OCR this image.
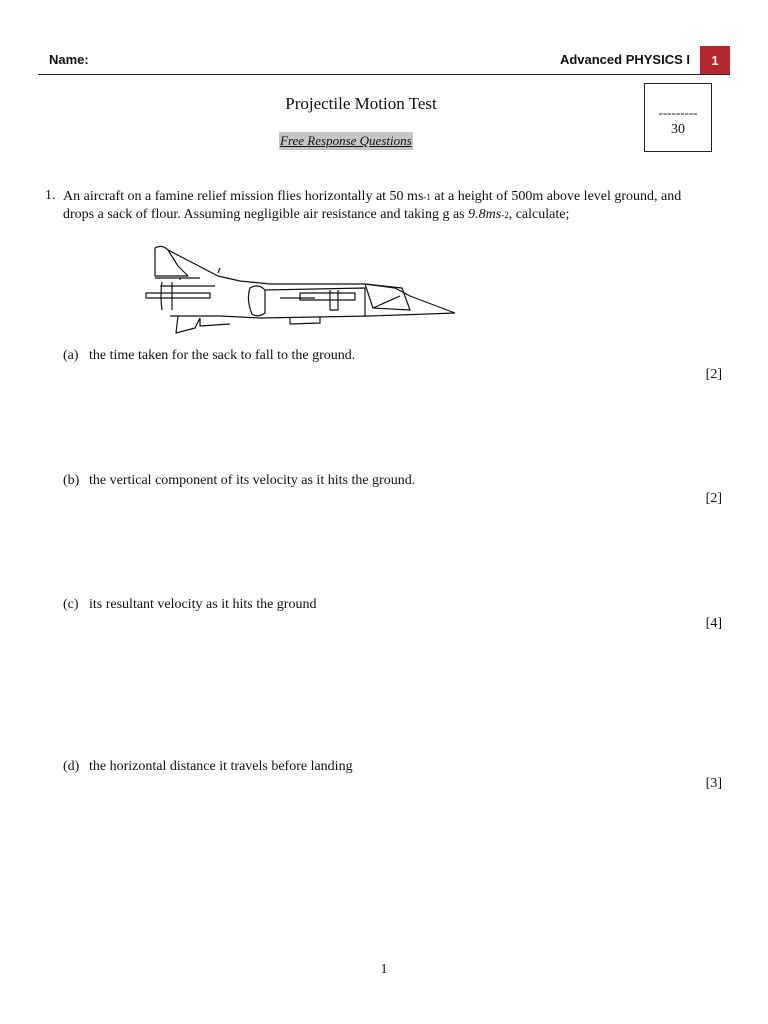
Name:	Advanced PHYSICS I	1
Projectile Motion Test
Free Response Questions
---------
30
1. An aircraft on a famine relief mission flies horizontally at 50 ms-1 at a height of 500m above level ground, and drops a sack of flour. Assuming negligible air resistance and taking g as 9.8ms-2, calculate;
(a) the time taken for the sack to fall to the ground.
[2]
(b) the vertical component of its velocity as it hits the ground.
[2]
(c) its resultant velocity as it hits the ground
[4]
(d) the horizontal distance it travels before landing
[3]
1
